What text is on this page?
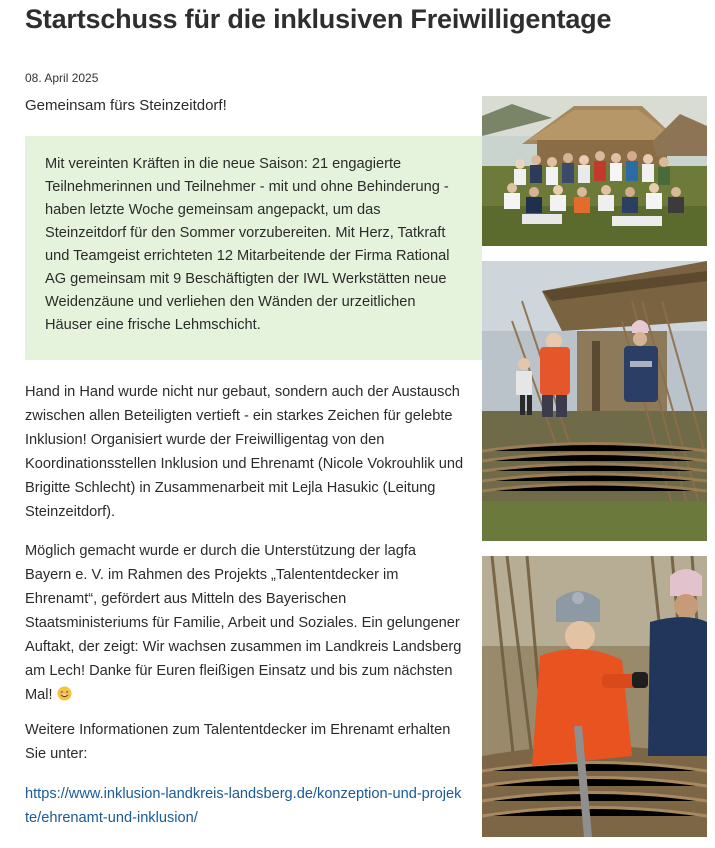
Startschuss für die inklusiven Freiwilligentage
08. April 2025
Gemeinsam fürs Steinzeitdorf!

Mit vereinten Kräften in die neue Saison: 21 engagierte Teilnehmerinnen und Teilnehmer - mit und ohne Behinderung - haben letzte Woche gemeinsam angepackt, um das Steinzeitdorf für den Sommer vorzubereiten. Mit Herz, Tatkraft und Teamgeist errichteten 12 Mitarbeitende der Firma Rational AG gemeinsam mit 9 Beschäftigten der IWL Werkstätten neue Weidenzäune und verliehen den Wänden der urzeitlichen Häuser eine frische Lehmschicht.

Hand in Hand wurde nicht nur gebaut, sondern auch der Austausch zwischen allen Beteiligten vertieft - ein starkes Zeichen für gelebte Inklusion! Organisiert wurde der Freiwilligentag von den Koordinationsstellen Inklusion und Ehrenamt (Nicole Vokrouhlik und Brigitte Schlecht) in Zusammenarbeit mit Lejla Hasukic (Leitung Steinzeitdorf).

Möglich gemacht wurde er durch die Unterstützung der lagfa Bayern e. V. im Rahmen des Projekts „Talententdecker im Ehrenamt“, gefördert aus Mitteln des Bayerischen Staatsministeriums für Familie, Arbeit und Soziales. Ein gelungener Auftakt, der zeigt: Wir wachsen zusammen im Landkreis Landsberg am Lech! Danke für Euren fleißigen Einsatz und bis zum nächsten Mal!

Weitere Informationen zum Talententdecker im Ehrenamt erhalten Sie unter:

https://www.inklusion-landkreis-landsberg.de/konzeption-und-projekte/ehrenamt-und-inklusion/
